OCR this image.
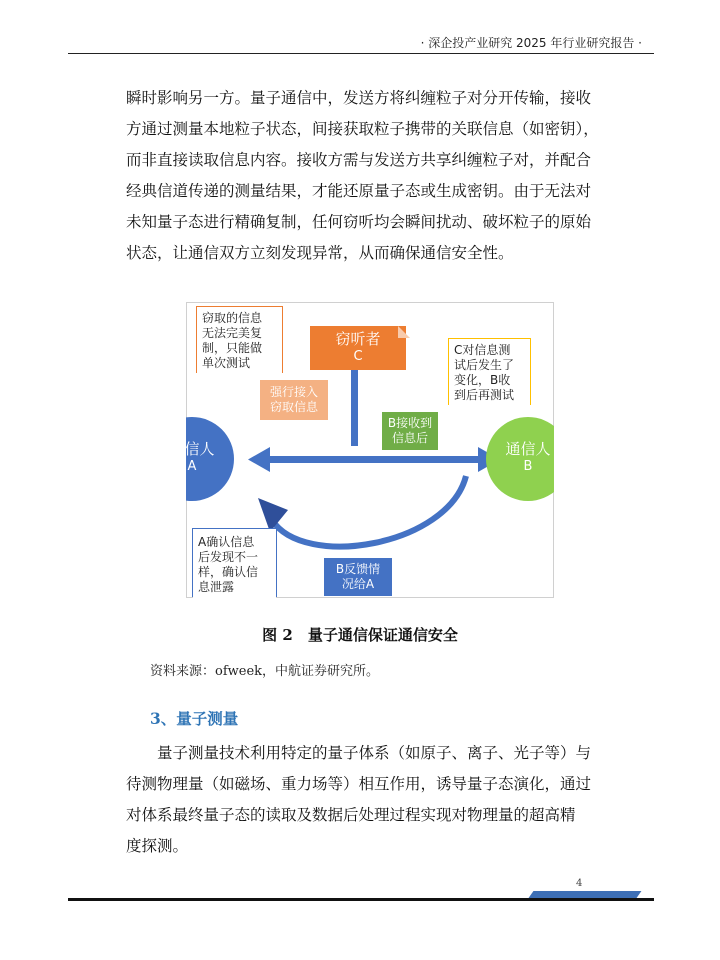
· 深企投产业研究 2025 年行业研究报告 ·

瞬时影响另一方。量子通信中，发送方将纠缠粒子对分开传输，接收
方通过测量本地粒子状态，间接获取粒子携带的关联信息（如密钥），
而非直接读取信息内容。接收方需与发送方共享纠缠粒子对，并配合
经典信道传递的测量结果，才能还原量子态或生成密钥。由于无法对
未知量子态进行精确复制，任何窃听均会瞬间扰动、破坏粒子的原始
状态，让通信双方立刻发现异常，从而确保通信安全性。

窃听者
C
通信人
A
通信人
B
窃取的信息
无法完美复
制，只能做
单次测试
C对信息测
试后发生了
变化，B收
到后再测试
A确认信息
后发现不一
样，确认信
息泄露
强行接入
窃取信息
B接收到
信息后
B反馈情
况给A
图 2　量子通信保证通信安全
资料来源：ofweek，中航证券研究所。
3、量子测量

量子测量技术利用特定的量子体系（如原子、离子、光子等）与
待测物理量（如磁场、重力场等）相互作用，诱导量子态演化，通过
对体系最终量子态的读取及数据后处理过程实现对物理量的超高精
度探测。

4
